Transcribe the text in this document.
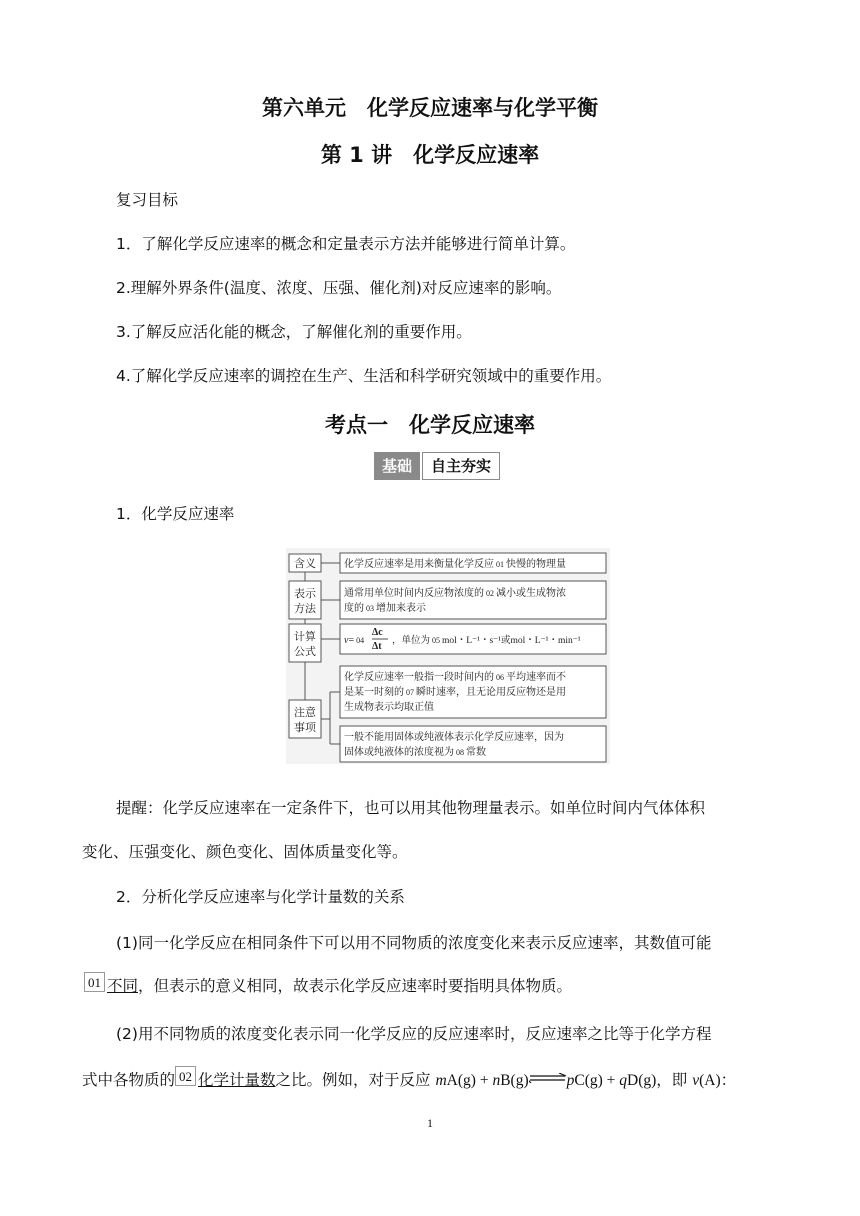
第六单元　化学反应速率与化学平衡
第 1 讲　化学反应速率
复习目标
1．了解化学反应速率的概念和定量表示方法并能够进行简单计算。
2.理解外界条件(温度、浓度、压强、催化剂)对反应速率的影响。
3.了解反应活化能的概念，了解催化剂的重要作用。
4.了解化学反应速率的调控在生产、生活和科学研究领域中的重要作用。
考点一　化学反应速率
基础	自主夯实
1．化学反应速率
含义
表示
方法
计算
公式
注意
事项
化学反应速率是用来衡量化学反应 01 快慢的物理量
通常用单位时间内反应物浓度的 02 减小或生成物浓
度的 03 增加来表示
v= 04
Δc
Δt ，单位为 05 mol・L⁻¹・s⁻¹或mol・L⁻¹・min⁻¹
化学反应速率一般指一段时间内的 06 平均速率而不
是某一时刻的 07 瞬时速率，且无论用反应物还是用
生成物表示均取正值
一般不能用固体或纯液体表示化学反应速率，因为
固体或纯液体的浓度视为 08 常数
提醒：化学反应速率在一定条件下，也可以用其他物理量表示。如单位时间内气体体积
变化、压强变化、颜色变化、固体质量变化等。
2．分析化学反应速率与化学计量数的关系
(1)同一化学反应在相同条件下可以用不同物质的浓度变化来表示反应速率，其数值可能
01 不同，但表示的意义相同，故表示化学反应速率时要指明具体物质。
(2)用不同物质的浓度变化表示同一化学反应的反应速率时，反应速率之比等于化学方程
式中各物质的 02 化学计量数之比。例如，对于反应 mA(g) + nB(g)⇌pC(g) + qD(g)，即 v(A)：
1
